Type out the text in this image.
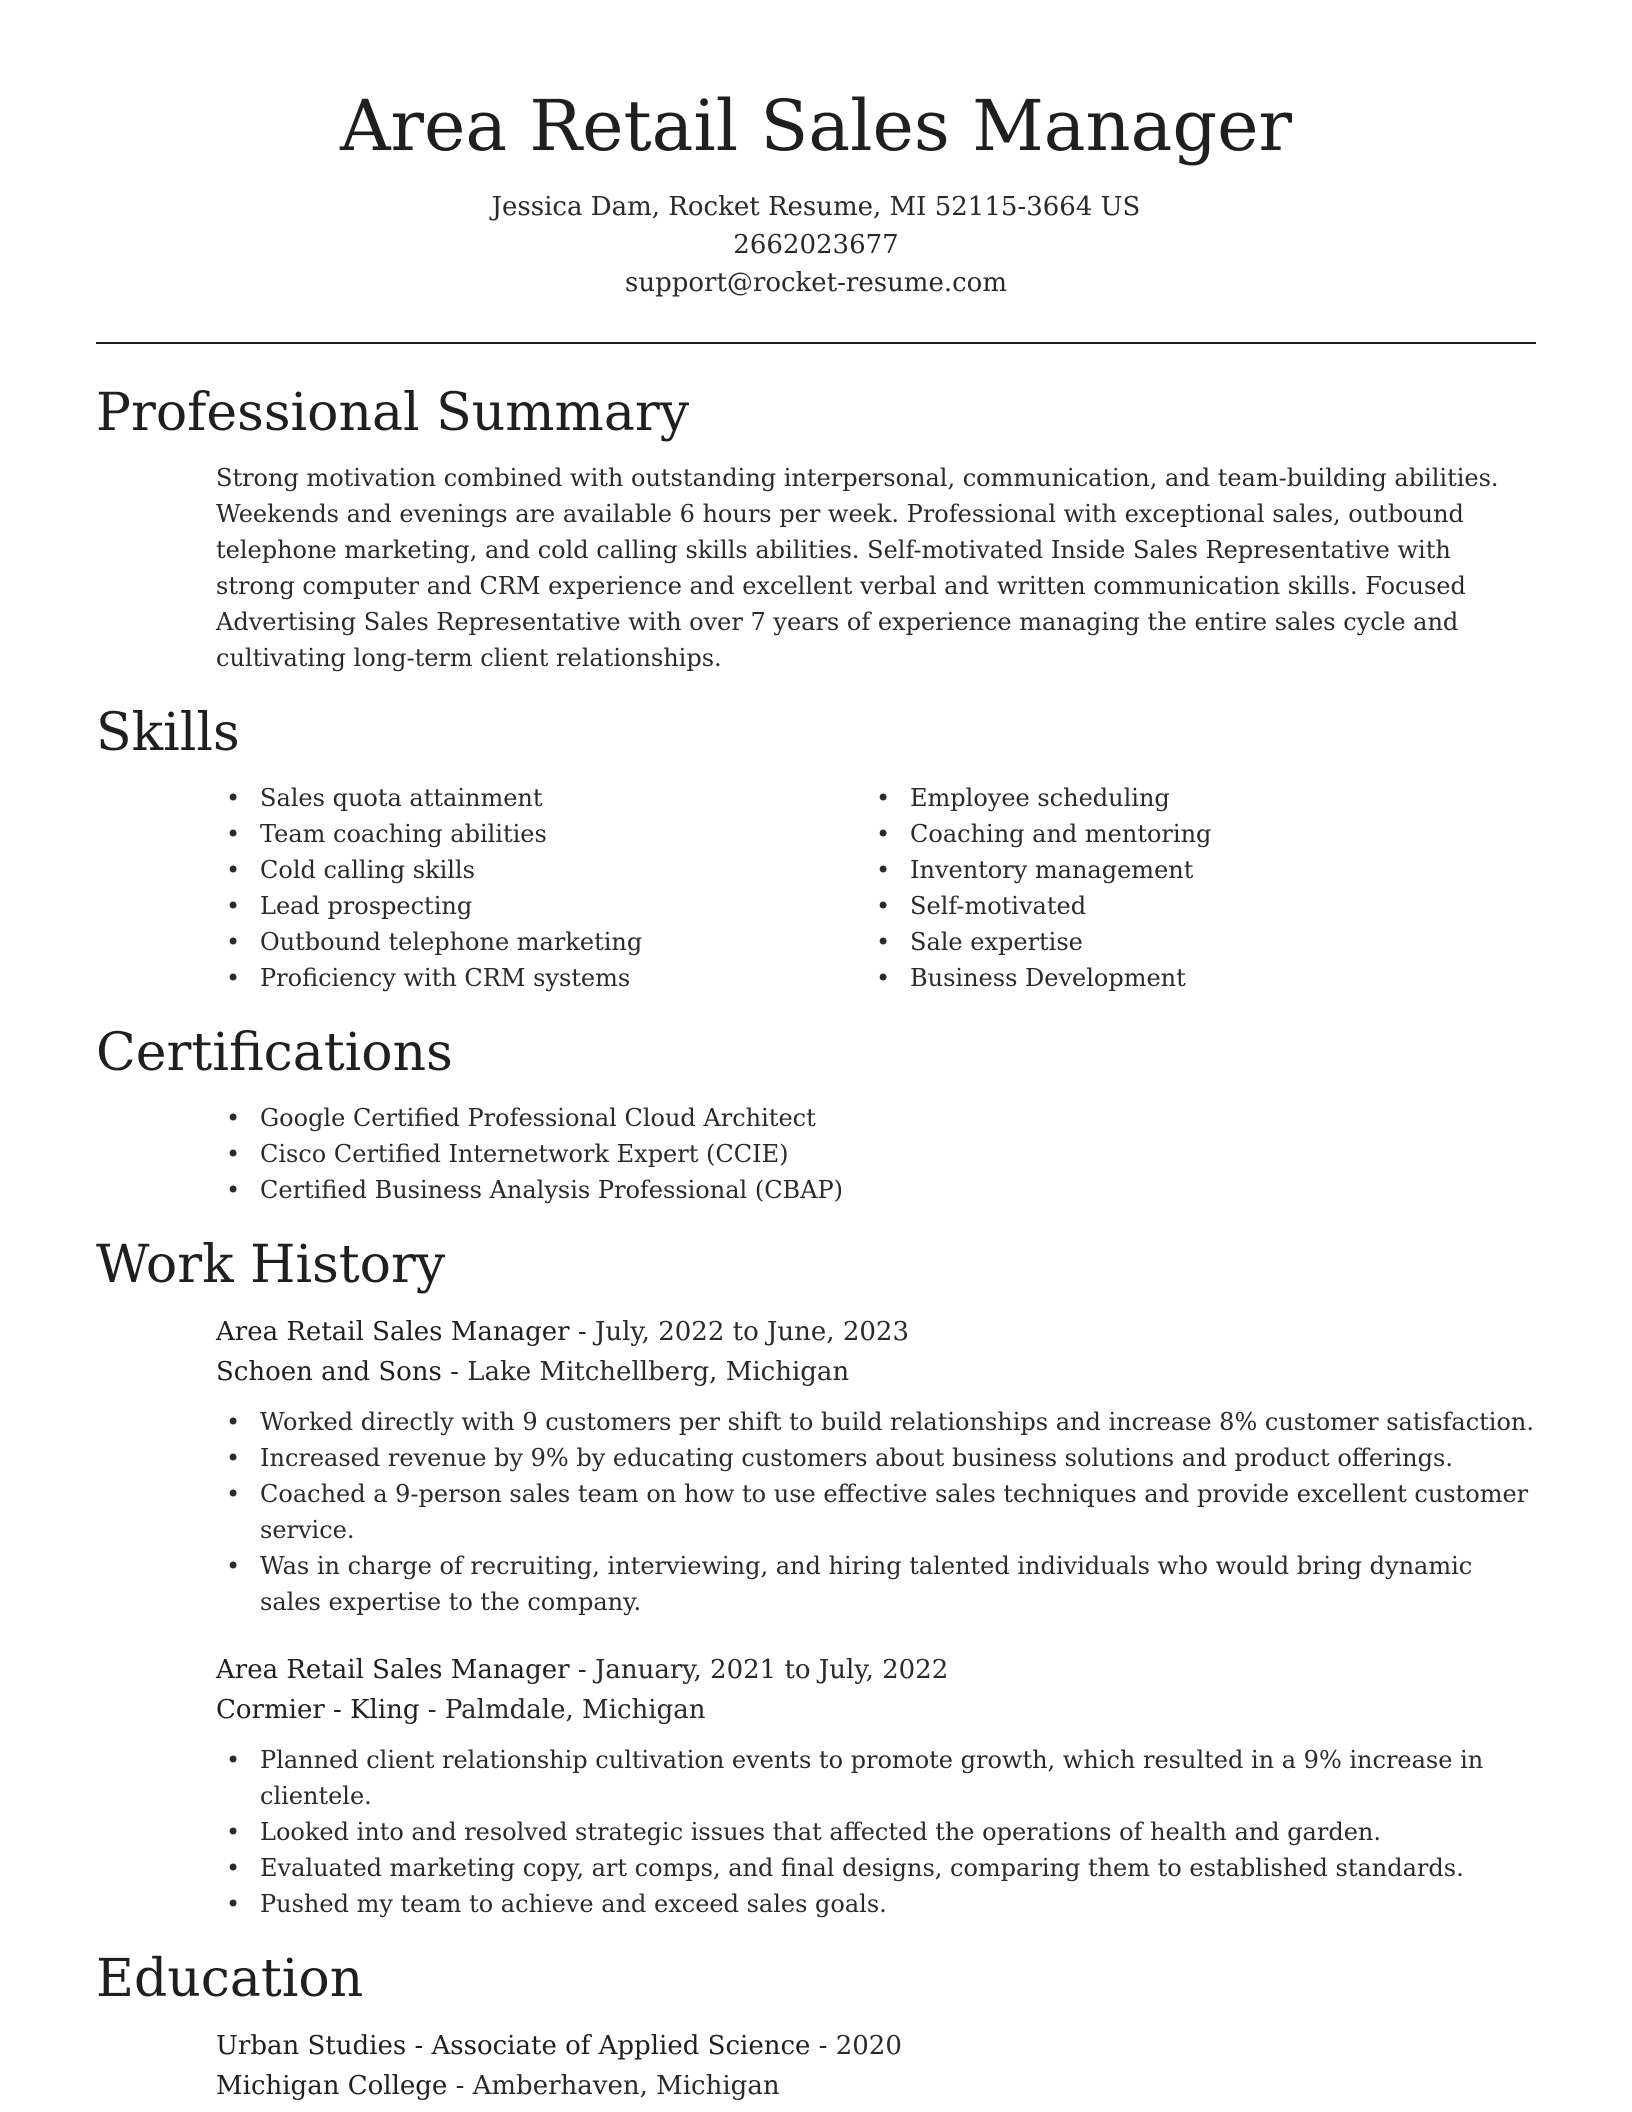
Area Retail Sales Manager
Jessica Dam, Rocket Resume, MI 52115-3664 US
2662023677
support@rocket-resume.com
Professional Summary

Strong motivation combined with outstanding interpersonal, communication, and team-building abilities. Weekends and evenings are available 6 hours per week. Professional with exceptional sales, outbound telephone marketing, and cold calling skills abilities. Self-motivated Inside Sales Representative with strong computer and CRM experience and excellent verbal and written communication skills. Focused Advertising Sales Representative with over 7 years of experience managing the entire sales cycle and cultivating long-term client relationships.

Skills
• Sales quota attainment
• Team coaching abilities
• Cold calling skills
• Lead prospecting
• Outbound telephone marketing
• Proficiency with CRM systems
• Employee scheduling
• Coaching and mentoring
• Inventory management
• Self-motivated
• Sale expertise
• Business Development
Certifications
• Google Certified Professional Cloud Architect
• Cisco Certified Internetwork Expert (CCIE)
• Certified Business Analysis Professional (CBAP)
Work History
Area Retail Sales Manager - July, 2022 to June, 2023
Schoen and Sons - Lake Mitchellberg, Michigan
• Worked directly with 9 customers per shift to build relationships and increase 8% customer satisfaction.
• Increased revenue by 9% by educating customers about business solutions and product offerings.
• Coached a 9-person sales team on how to use effective sales techniques and provide excellent customer service.
• Was in charge of recruiting, interviewing, and hiring talented individuals who would bring dynamic sales expertise to the company.
Area Retail Sales Manager - January, 2021 to July, 2022
Cormier - Kling - Palmdale, Michigan
• Planned client relationship cultivation events to promote growth, which resulted in a 9% increase in clientele.
• Looked into and resolved strategic issues that affected the operations of health and garden.
• Evaluated marketing copy, art comps, and final designs, comparing them to established standards.
• Pushed my team to achieve and exceed sales goals.
Education
Urban Studies - Associate of Applied Science - 2020
Michigan College - Amberhaven, Michigan
